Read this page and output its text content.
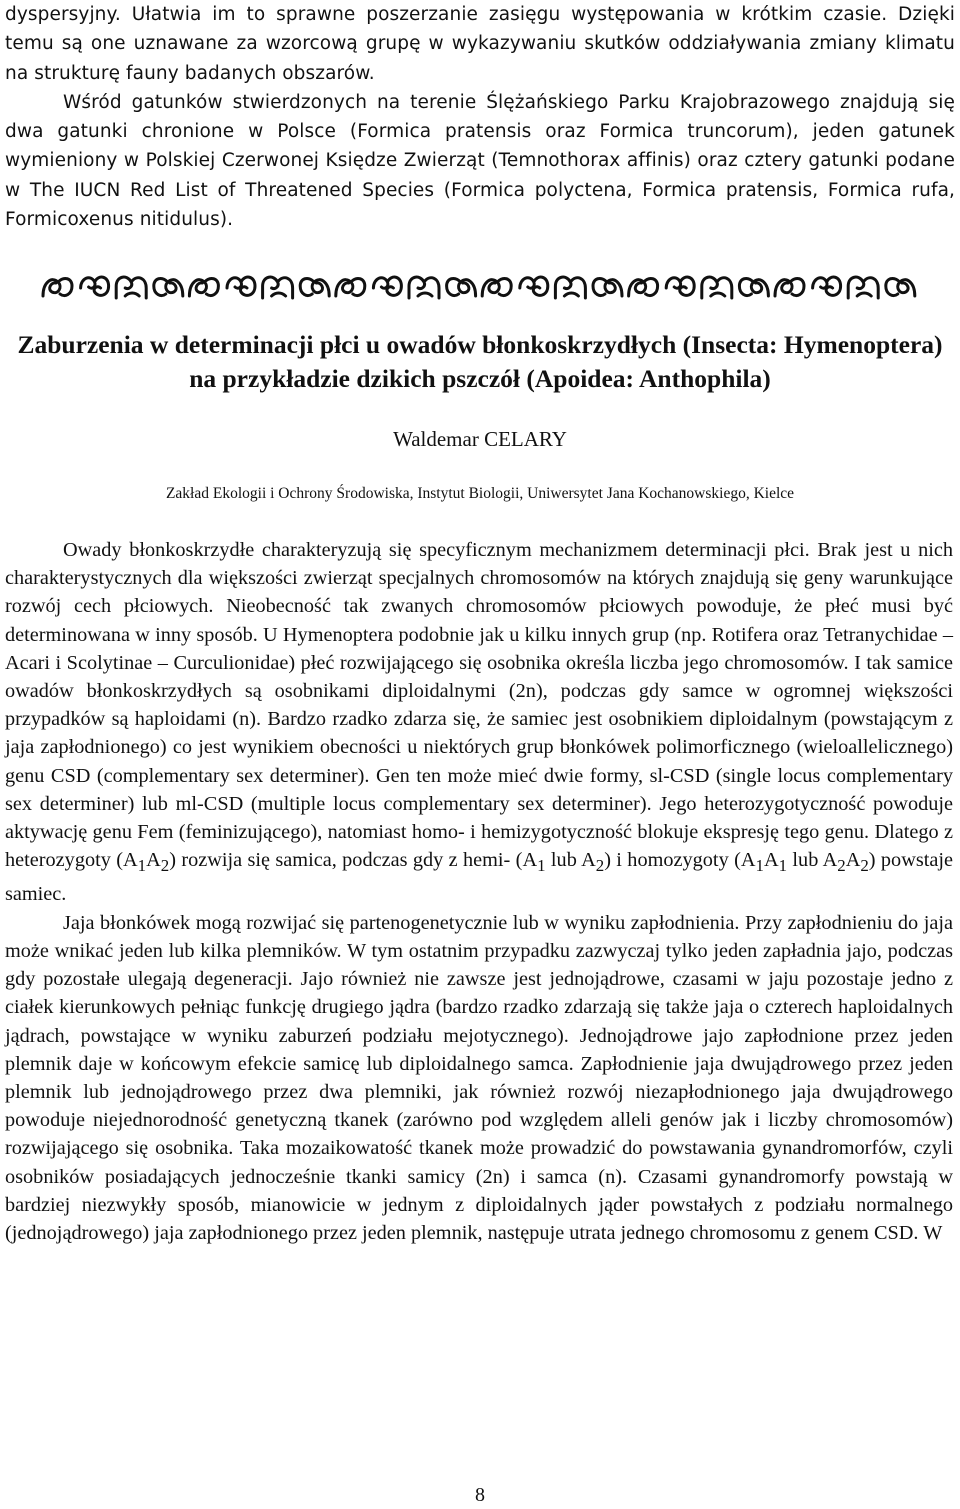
dyspersyjny. Ułatwia im to sprawne poszerzanie zasięgu występowania w krótkim czasie. Dzięki temu są one uznawane za wzorcową grupę w wykazywaniu skutków oddziaływania zmiany klimatu na strukturę fauny badanych obszarów.

Wśród gatunków stwierdzonych na terenie Ślężańskiego Parku Krajobrazowego znajdują się dwa gatunki chronione w Polsce (Formica pratensis oraz Formica truncorum), jeden gatunek wymieniony w Polskiej Czerwonej Księdze Zwierząt (Temnothorax affinis) oraz cztery gatunki podane w The IUCN Red List of Threatened Species (Formica polyctena, Formica pratensis, Formica rufa, Formicoxenus nitidulus).

Zaburzenia w determinacji płci u owadów błonkoskrzydłych (Insecta: Hymenoptera) na przykładzie dzikich pszczół (Apoidea: Anthophila)
Waldemar CELARY
Zakład Ekologii i Ochrony Środowiska, Instytut Biologii, Uniwersytet Jana Kochanowskiego, Kielce

Owady błonkoskrzydłe charakteryzują się specyficznym mechanizmem determinacji płci. Brak jest u nich charakterystycznych dla większości zwierząt specjalnych chromosomów na których znajdują się geny warunkujące rozwój cech płciowych. Nieobecność tak zwanych chromosomów płciowych powoduje, że płeć musi być determinowana w inny sposób. U Hymenoptera podobnie jak u kilku innych grup (np. Rotifera oraz Tetranychidae – Acari i Scolytinae – Curculionidae) płeć rozwijającego się osobnika określa liczba jego chromosomów. I tak samice owadów błonkoskrzydłych są osobnikami diploidalnymi (2n), podczas gdy samce w ogromnej większości przypadków są haploidami (n). Bardzo rzadko zdarza się, że samiec jest osobnikiem diploidalnym (powstającym z jaja zapłodnionego) co jest wynikiem obecności u niektórych grup błonkówek polimorficznego (wieloallelicznego) genu CSD (complementary sex determiner). Gen ten może mieć dwie formy, sl-CSD (single locus complementary sex determiner) lub ml-CSD (multiple locus complementary sex determiner). Jego heterozygotyczność powoduje aktywację genu Fem (feminizującego), natomiast homo- i hemizygotyczność blokuje ekspresję tego genu. Dlatego z heterozygoty $(A_1A_2)$ rozwija się samica, podczas gdy z hemi- ($A_1$ lub $A_2$) i homozygoty ($A_1A_1$ lub $A_2A_2$) powstaje samiec.

Jaja błonkówek mogą rozwijać się partenogenetycznie lub w wyniku zapłodnienia. Przy zapłodnieniu do jaja może wnikać jeden lub kilka plemników. W tym ostatnim przypadku zazwyczaj tylko jeden zapładnia jajo, podczas gdy pozostałe ulegają degeneracji. Jajo również nie zawsze jest jednojądrowe, czasami w jaju pozostaje jedno z ciałek kierunkowych pełniąc funkcję drugiego jądra (bardzo rzadko zdarzają się także jaja o czterech haploidalnych jądrach, powstające w wyniku zaburzeń podziału mejotycznego). Jednojądrowe jajo zapłodnione przez jeden plemnik daje w końcowym efekcie samicę lub diploidalnego samca. Zapłodnienie jaja dwujądrowego przez jeden plemnik lub jednojądrowego przez dwa plemniki, jak również rozwój niezapłodnionego jaja dwujądrowego powoduje niejednorodność genetyczną tkanek (zarówno pod względem alleli genów jak i liczby chromosomów) rozwijającego się osobnika. Taka mozaikowatość tkanek może prowadzić do powstawania gynandromorfów, czyli osobników posiadających jednocześnie tkanki samicy (2n) i samca (n). Czasami gynandromorfy powstają w bardziej niezwykły sposób, mianowicie w jednym z diploidalnych jąder powstałych z podziału normalnego (jednojądrowego) jaja zapłodnionego przez jeden plemnik, następuje utrata jednego chromosomu z genem CSD. W

8
